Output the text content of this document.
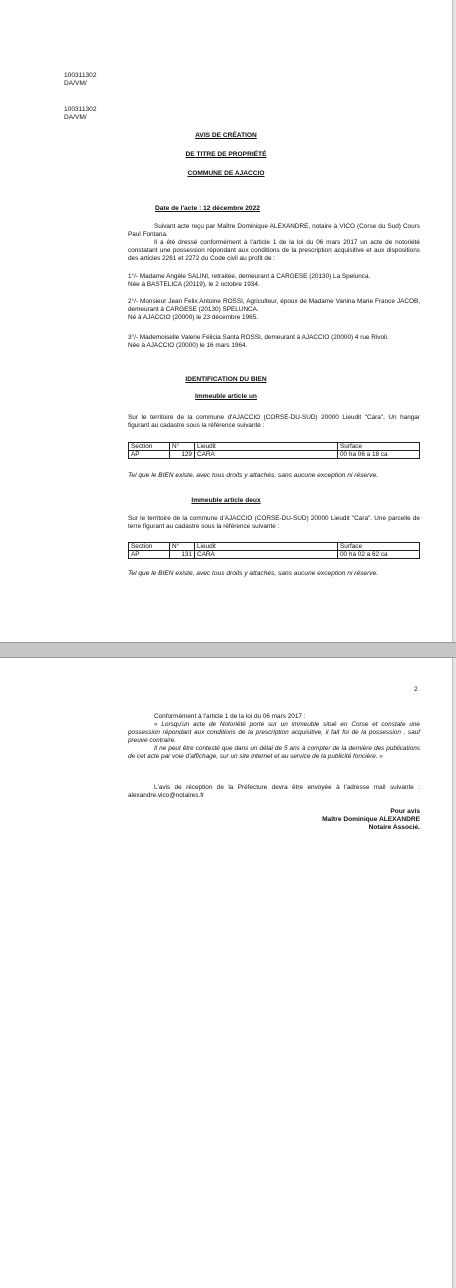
100311302
DA/VM/
100311302
DA/VM/
AVIS DE CRÉATION
DE TITRE DE PROPRIÉTÉ
COMMUNE DE AJACCIO
Date de l'acte : 12 décembre 2022

Suivant acte reçu par Maître Dominique ALEXANDRE, notaire à VICO (Corse du Sud) Cours Paul Fontana.

Il a été dressé conformément à l'article 1 de la loi du 06 mars 2017 un acte de notoriété constatant une possession répondant aux conditions de la prescription acquisitive et aux dispositions des articles 2261 et 2272 du Code civil au profit de :

1°/- Madame Angèle SALINI, retraitée, demeurant à CARGESE (20130) La Spelunca.

Née à BASTELICA (20119), le 2 octobre 1934.

2°/- Monsieur Jean Felix Antoine ROSSI, Agriculteur, époux de Madame Vanina Marie France JACOB, demeurant à CARGESE (20130) SPELUNCA.

Né à AJACCIO (20000) le 23 décembre 1965.

3°/- Mademoiselle Valerie Félicia Santa ROSSI, demeurant à AJACCIO (20000) 4 rue Rivoli.

Née à AJACCIO (20000) le 16 mars 1964.

IDENTIFICATION DU BIEN
Immeuble article un
Sur le territoire de la commune d'AJACCIO (CORSE-DU-SUD) 20000 Lieudit "Cara", Un hangar figurant au cadastre sous la référence suivante :
Section	N°	Lieudit	Surface
AP	129	CARA	00 ha 06 a 18 ca
Tel que le BIEN existe, avec tous droits y attachés, sans aucune exception ni réserve.
Immeuble article deux
Sur le territoire de la commune d'AJACCIO (CORSE-DU-SUD) 20000 Lieudit "Cara". Une parcelle de terre figurant au cadastre sous la référence suivante :
Section	N°	Lieudit	Surface
AP	131	CARA	00 ha 02 a 62 ca
Tel que le BIEN existe, avec tous droits y attachés, sans aucune exception ni réserve.
2

Conformément à l'article 1 de la loi du 06 mars 2017 :

« Lorsqu'un acte de Notoriété porte sur un immeuble situé en Corse et constate une possession répondant aux conditions de la prescription acquisitive, il fait foi de la possession , sauf preuve contraire.

Il ne peut être contesté que dans un délai de 5 ans à compter de la dernière des publications de cet acte par voie d'affichage, sur un site internet et au service de la publicité foncière. »

L'avis de réception de la Préfecture devra être envoyée à l'adresse mail suivante : alexandre.vico@notaires.fr

Pour avis
Maître Dominique ALEXANDRE
Notaire Associé.
